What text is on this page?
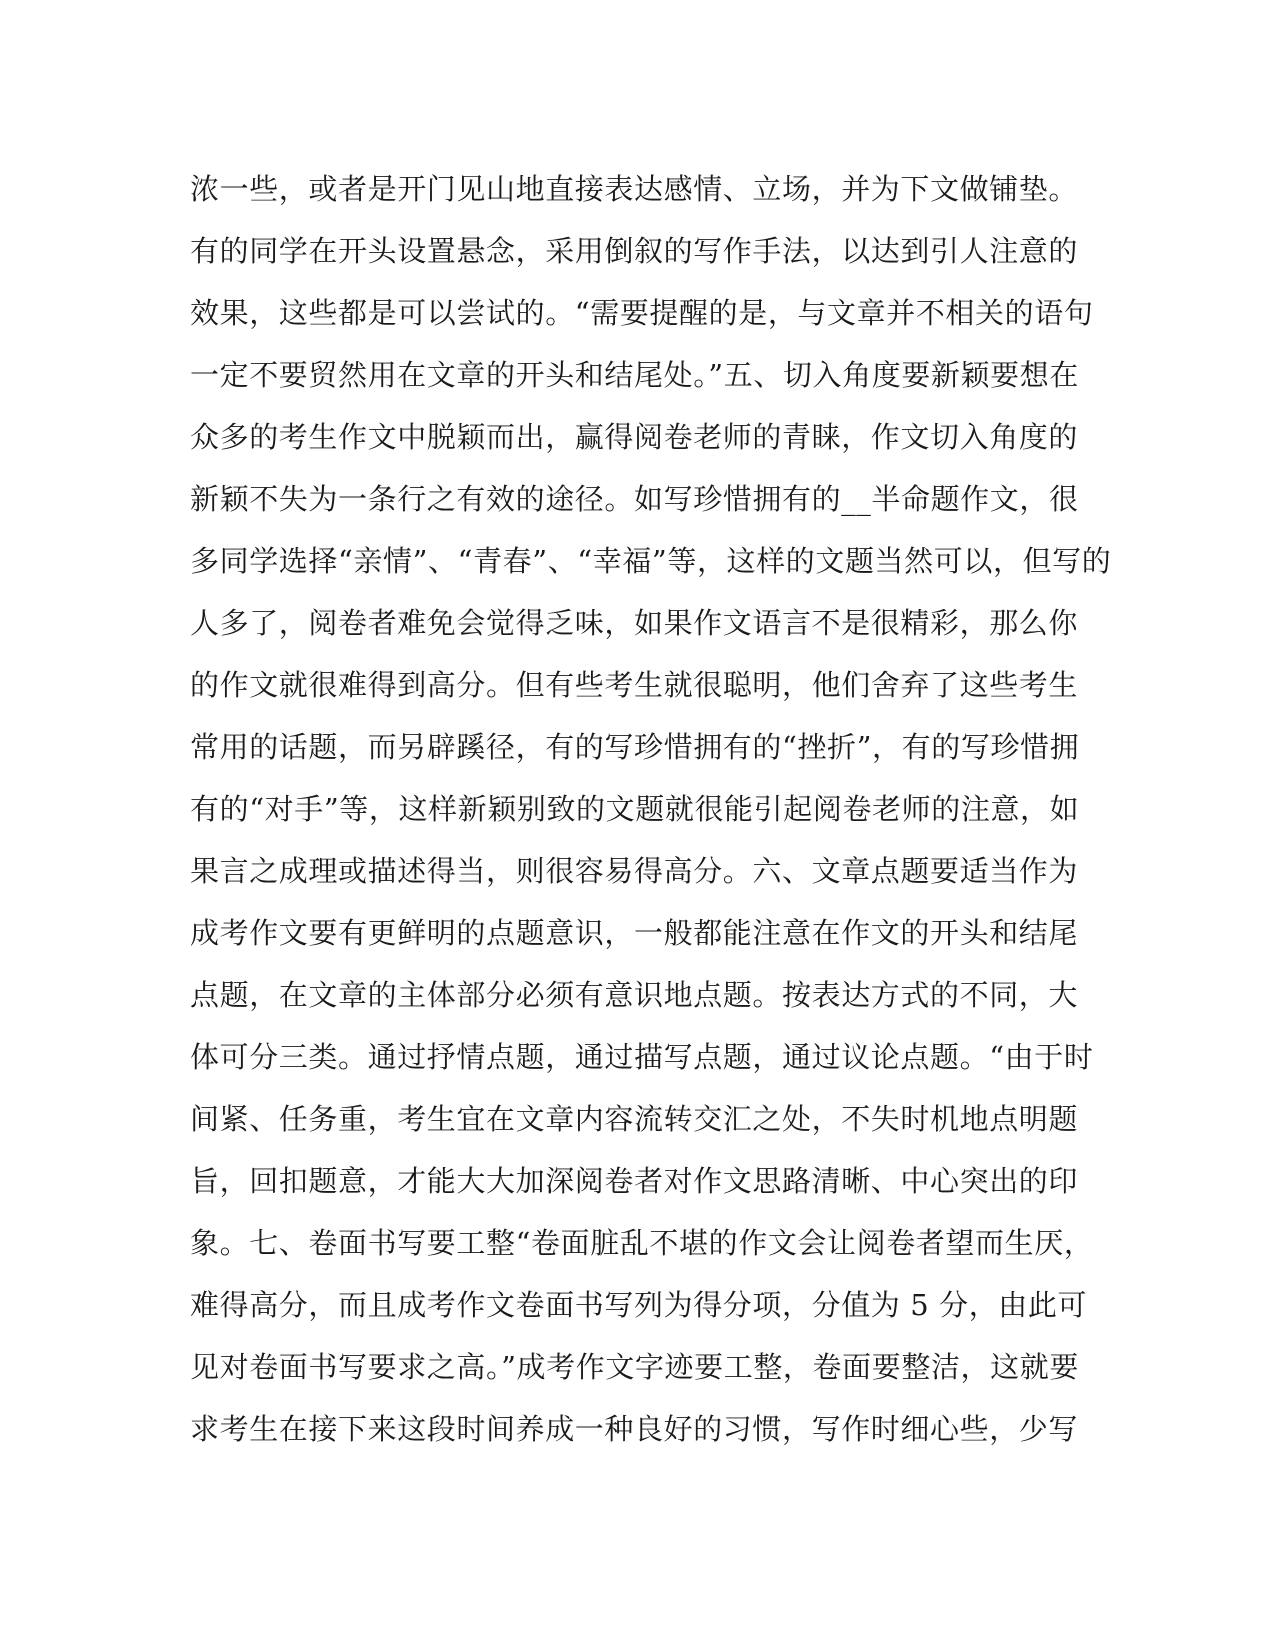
浓一些，或者是开门见山地直接表达感情、立场，并为下文做铺垫。
有的同学在开头设置悬念，采用倒叙的写作手法，以达到引人注意的
效果，这些都是可以尝试的。“需要提醒的是，与文章并不相关的语句
一定不要贸然用在文章的开头和结尾处。”五、切入角度要新颖要想在
众多的考生作文中脱颖而出，赢得阅卷老师的青睐，作文切入角度的
新颖不失为一条行之有效的途径。如写珍惜拥有的__半命题作文，很
多同学选择“亲情”、“青春”、“幸福”等，这样的文题当然可以，但写的
人多了，阅卷者难免会觉得乏味，如果作文语言不是很精彩，那么你
的作文就很难得到高分。但有些考生就很聪明，他们舍弃了这些考生
常用的话题，而另辟蹊径，有的写珍惜拥有的“挫折”，有的写珍惜拥
有的“对手”等，这样新颖别致的文题就很能引起阅卷老师的注意，如
果言之成理或描述得当，则很容易得高分。六、文章点题要适当作为
成考作文要有更鲜明的点题意识，一般都能注意在作文的开头和结尾
点题，在文章的主体部分必须有意识地点题。按表达方式的不同，大
体可分三类。通过抒情点题，通过描写点题，通过议论点题。“由于时
间紧、任务重，考生宜在文章内容流转交汇之处，不失时机地点明题
旨，回扣题意，才能大大加深阅卷者对作文思路清晰、中心突出的印
象。七、卷面书写要工整“卷面脏乱不堪的作文会让阅卷者望而生厌，
难得高分，而且成考作文卷面书写列为得分项，分值为 5 分，由此可
见对卷面书写要求之高。”成考作文字迹要工整，卷面要整洁，这就要
求考生在接下来这段时间养成一种良好的习惯，写作时细心些，少写
